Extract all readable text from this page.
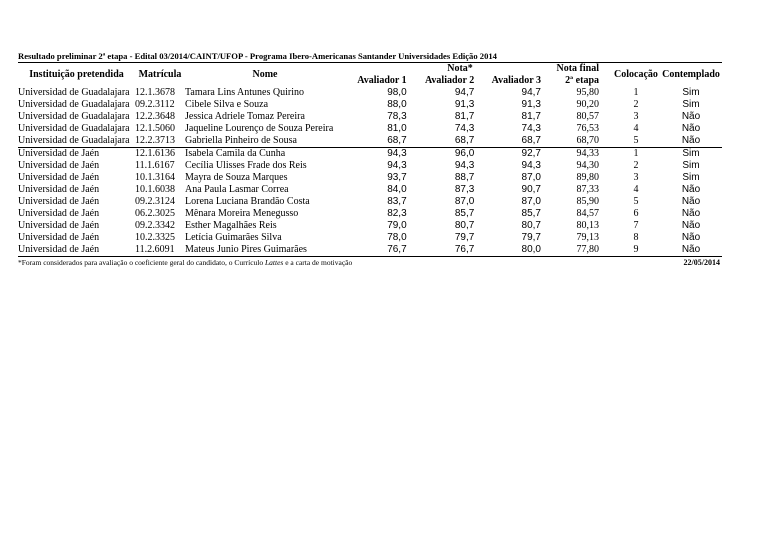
Resultado preliminar 2ª etapa - Edital 03/2014/CAINT/UFOP - Programa Ibero-Americanas Santander Universidades Edição 2014
Instituição pretendida	Matrícula	Nome	Nota*			Nota final	Colocação	Contemplado
			Avaliador 1	Avaliador 2	Avaliador 3	2ª etapa		
Universidad de Guadalajara	12.1.3678	Tamara Lins Antunes Quirino	98,0	94,7	94,7	95,80	1	Sim
Universidad de Guadalajara	09.2.3112	Cibele Silva e Souza	88,0	91,3	91,3	90,20	2	Sim
Universidad de Guadalajara	12.2.3648	Jessica Adriele Tomaz Pereira	78,3	81,7	81,7	80,57	3	Não
Universidad de Guadalajara	12.1.5060	Jaqueline Lourenço de Souza Pereira	81,0	74,3	74,3	76,53	4	Não
Universidad de Guadalajara	12.2.3713	Gabriella Pinheiro de Sousa	68,7	68,7	68,7	68,70	5	Não
Universidad de Jaén	12.1.6136	Isabela Camila da Cunha	94,3	96,0	92,7	94,33	1	Sim
Universidad de Jaén	11.1.6167	Cecília Ulisses Frade dos Reis	94,3	94,3	94,3	94,30	2	Sim
Universidad de Jaén	10.1.3164	Mayra de Souza Marques	93,7	88,7	87,0	89,80	3	Sim
Universidad de Jaén	10.1.6038	Ana Paula Lasmar Correa	84,0	87,3	90,7	87,33	4	Não
Universidad de Jaén	09.2.3124	Lorena Luciana Brandão Costa	83,7	87,0	87,0	85,90	5	Não
Universidad de Jaén	06.2.3025	Mênara Moreira Menegusso	82,3	85,7	85,7	84,57	6	Não
Universidad de Jaén	09.2.3342	Esther Magalhães Reis	79,0	80,7	80,7	80,13	7	Não
Universidad de Jaén	10.2.3325	Letícia Guimarães Silva	78,0	79,7	79,7	79,13	8	Não
Universidad de Jaén	11.2.6091	Mateus Junio Pires Guimarães	76,7	76,7	80,0	77,80	9	Não
*Foram considerados para avaliação o coeficiente geral do candidato, o Currículo Lattes e a carta de motivação	22/05/2014
